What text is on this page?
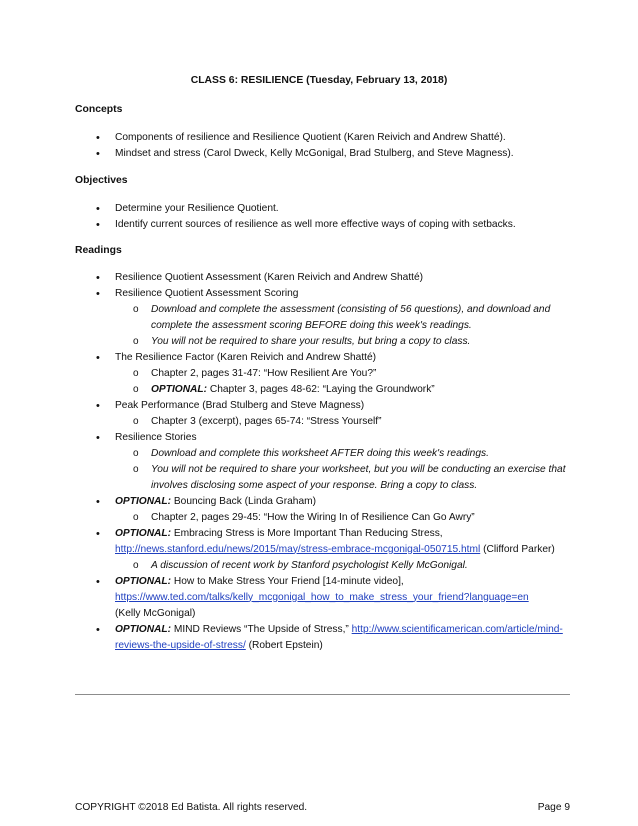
CLASS 6: RESILIENCE (Tuesday, February 13, 2018)

Concepts

• Components of resilience and Resilience Quotient (Karen Reivich and Andrew Shatté).
• Mindset and stress (Carol Dweck, Kelly McGonigal, Brad Stulberg, and Steve Magness).

Objectives

• Determine your Resilience Quotient.
• Identify current sources of resilience as well more effective ways of coping with setbacks.

Readings

• Resilience Quotient Assessment (Karen Reivich and Andrew Shatté)
• Resilience Quotient Assessment Scoring
o Download and complete the assessment (consisting of 56 questions), and download and complete the assessment scoring BEFORE doing this week's readings.
o You will not be required to share your results, but bring a copy to class.
• The Resilience Factor (Karen Reivich and Andrew Shatté)
o Chapter 2, pages 31-47: “How Resilient Are You?”
o OPTIONAL: Chapter 3, pages 48-62: “Laying the Groundwork”
• Peak Performance (Brad Stulberg and Steve Magness)
o Chapter 3 (excerpt), pages 65-74: “Stress Yourself”
• Resilience Stories
o Download and complete this worksheet AFTER doing this week's readings.
o You will not be required to share your worksheet, but you will be conducting an exercise that involves disclosing some aspect of your response. Bring a copy to class.
• OPTIONAL: Bouncing Back (Linda Graham)
o Chapter 2, pages 29-45: “How the Wiring In of Resilience Can Go Awry”
• OPTIONAL: Embracing Stress is More Important Than Reducing Stress, http://news.stanford.edu/news/2015/may/stress-embrace-mcgonigal-050715.html (Clifford Parker)
o A discussion of recent work by Stanford psychologist Kelly McGonigal.
• OPTIONAL: How to Make Stress Your Friend [14-minute video], https://www.ted.com/talks/kelly_mcgonigal_how_to_make_stress_your_friend?language=en
(Kelly McGonigal)
• OPTIONAL: MIND Reviews “The Upside of Stress,” http://www.scientificamerican.com/article/mind-reviews-the-upside-of-stress/ (Robert Epstein)
COPYRIGHT ©2018 Ed Batista. All rights reserved.	Page 9
